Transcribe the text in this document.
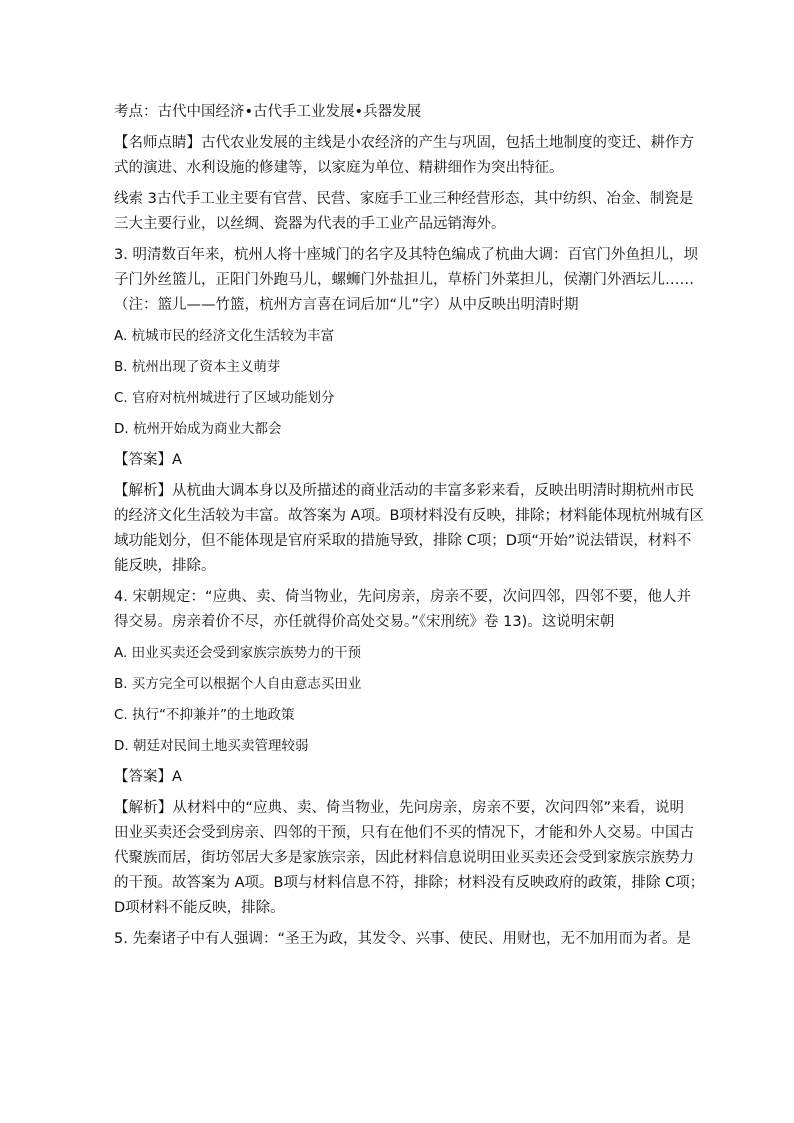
考点：古代中国经济•古代手工业发展•兵器发展
【名师点睛】古代农业发展的主线是小农经济的产生与巩固，包括土地制度的变迁、耕作方
式的演进、水利设施的修建等，以家庭为单位、精耕细作为突出特征。
线索 3古代手工业主要有官营、民营、家庭手工业三种经营形态，其中纺织、冶金、制瓷是
三大主要行业，以丝绸、瓷器为代表的手工业产品远销海外。
3. 明清数百年来，杭州人将十座城门的名字及其特色编成了杭曲大调：百官门外鱼担儿，坝
子门外丝篮儿，正阳门外跑马儿，螺蛳门外盐担儿，草桥门外菜担儿，侯潮门外酒坛儿……
（注：篮儿——竹篮，杭州方言喜在词后加“儿”字）从中反映出明清时期
A. 杭城市民的经济文化生活较为丰富
B. 杭州出现了资本主义萌芽
C. 官府对杭州城进行了区域功能划分
D. 杭州开始成为商业大都会
【答案】A
【解析】从杭曲大调本身以及所描述的商业活动的丰富多彩来看，反映出明清时期杭州市民
的经济文化生活较为丰富。故答案为 A项。B项材料没有反映，排除；材料能体现杭州城有区
域功能划分，但不能体现是官府采取的措施导致，排除 C项；D项“开始”说法错误，材料不
能反映，排除。
4. 宋朝规定：“应典、卖、倚当物业，先问房亲，房亲不要，次问四邻，四邻不要，他人并
得交易。房亲着价不尽，亦任就得价高处交易。”《宋刑统》卷 13)。这说明宋朝
A. 田业买卖还会受到家族宗族势力的干预
B. 买方完全可以根据个人自由意志买田业
C. 执行“不抑兼并”的土地政策
D. 朝廷对民间土地买卖管理较弱
【答案】A
【解析】从材料中的“应典、卖、倚当物业，先问房亲，房亲不要，次问四邻”来看，说明
田业买卖还会受到房亲、四邻的干预，只有在他们不买的情况下，才能和外人交易。中国古
代聚族而居，街坊邻居大多是家族宗亲，因此材料信息说明田业买卖还会受到家族宗族势力
的干预。故答案为 A项。B项与材料信息不符，排除；材料没有反映政府的政策，排除 C项；
D项材料不能反映，排除。
5. 先秦诸子中有人强调：“圣王为政，其发令、兴事、使民、用财也，无不加用而为者。是
